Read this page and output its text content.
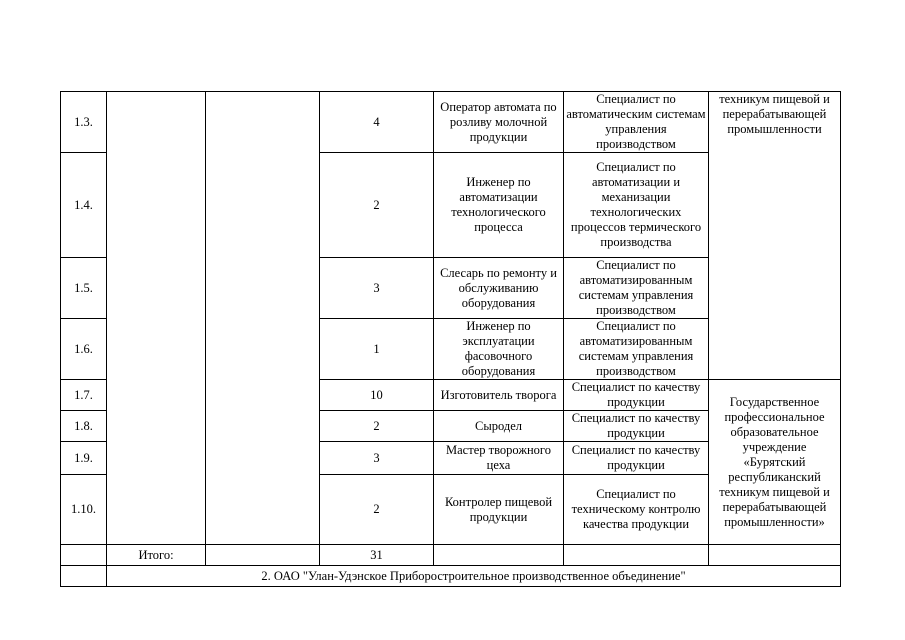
1.3.			4	Оператор автомата по розливу молочной продукции	Специалист по автоматическим системам управления производством	техникум пищевой и перерабатывающей промышленности
1.4.			2	Инженер по автоматизации технологического процесса	Специалист по автоматизации и механизации технологических процессов термического производства	
1.5.			3	Слесарь по ремонту и обслуживанию оборудования	Специалист по автоматизированным системам управления производством	
1.6.			1	Инженер по эксплуатации фасовочного оборудования	Специалист по автоматизированным системам управления производством	
1.7.			10	Изготовитель творога	Специалист по качеству продукции	Государственное профессиональное образовательное учреждение «Бурятский республиканский техникум пищевой и перерабатывающей промышленности»
1.8.			2	Сыродел	Специалист по качеству продукции	
1.9.			3	Мастер творожного цеха	Специалист по качеству продукции	
1.10.			2	Контролер пищевой продукции	Специалист по техническому контролю качества продукции	
	Итого:		31			
	2. ОАО "Улан-Удэнское Приборостроительное производственное объединение"					
